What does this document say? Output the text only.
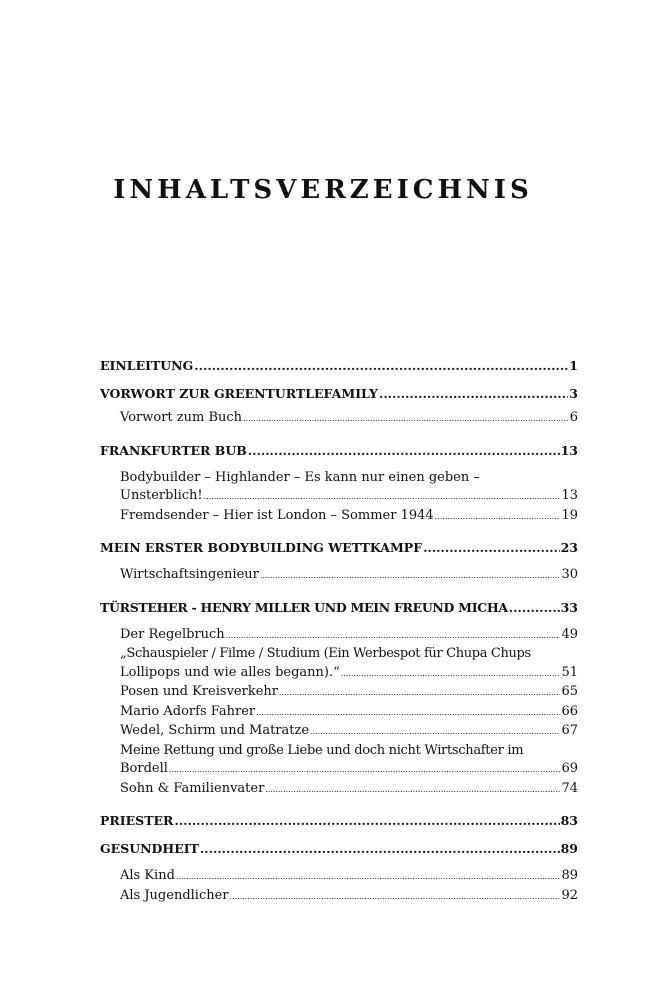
INHALTSVERZEICHNIS
EINLEITUNG .....	1
VORWORT ZUR GREENTURTLEFAMILY .....	3
Vorwort zum Buch .....	6
FRANKFURTER BUB .....	13
Bodybuilder – Highlander – Es kann nur einen geben –
Unsterblich! .....	13
Fremdsender – Hier ist London – Sommer 1944 .....	19
MEIN ERSTER BODYBUILDING WETTKAMPF .....	23
Wirtschaftsingenieur .....	30
TÜRSTEHER - HENRY MILLER UND MEIN FREUND MICHA .....	33
Der Regelbruch .....	49
„Schauspieler / Filme / Studium (Ein Werbespot für Chupa Chups
Lollipops und wie alles begann).“ .....	51
Posen und Kreisverkehr .....	65
Mario Adorfs Fahrer .....	66
Wedel, Schirm und Matratze .....	67
Meine Rettung und große Liebe und doch nicht Wirtschafter im
Bordell .....	69
Sohn & Familienvater .....	74
PRIESTER .....	83
GESUNDHEIT .....	89
Als Kind .....	89
Als Jugendlicher .....	92
